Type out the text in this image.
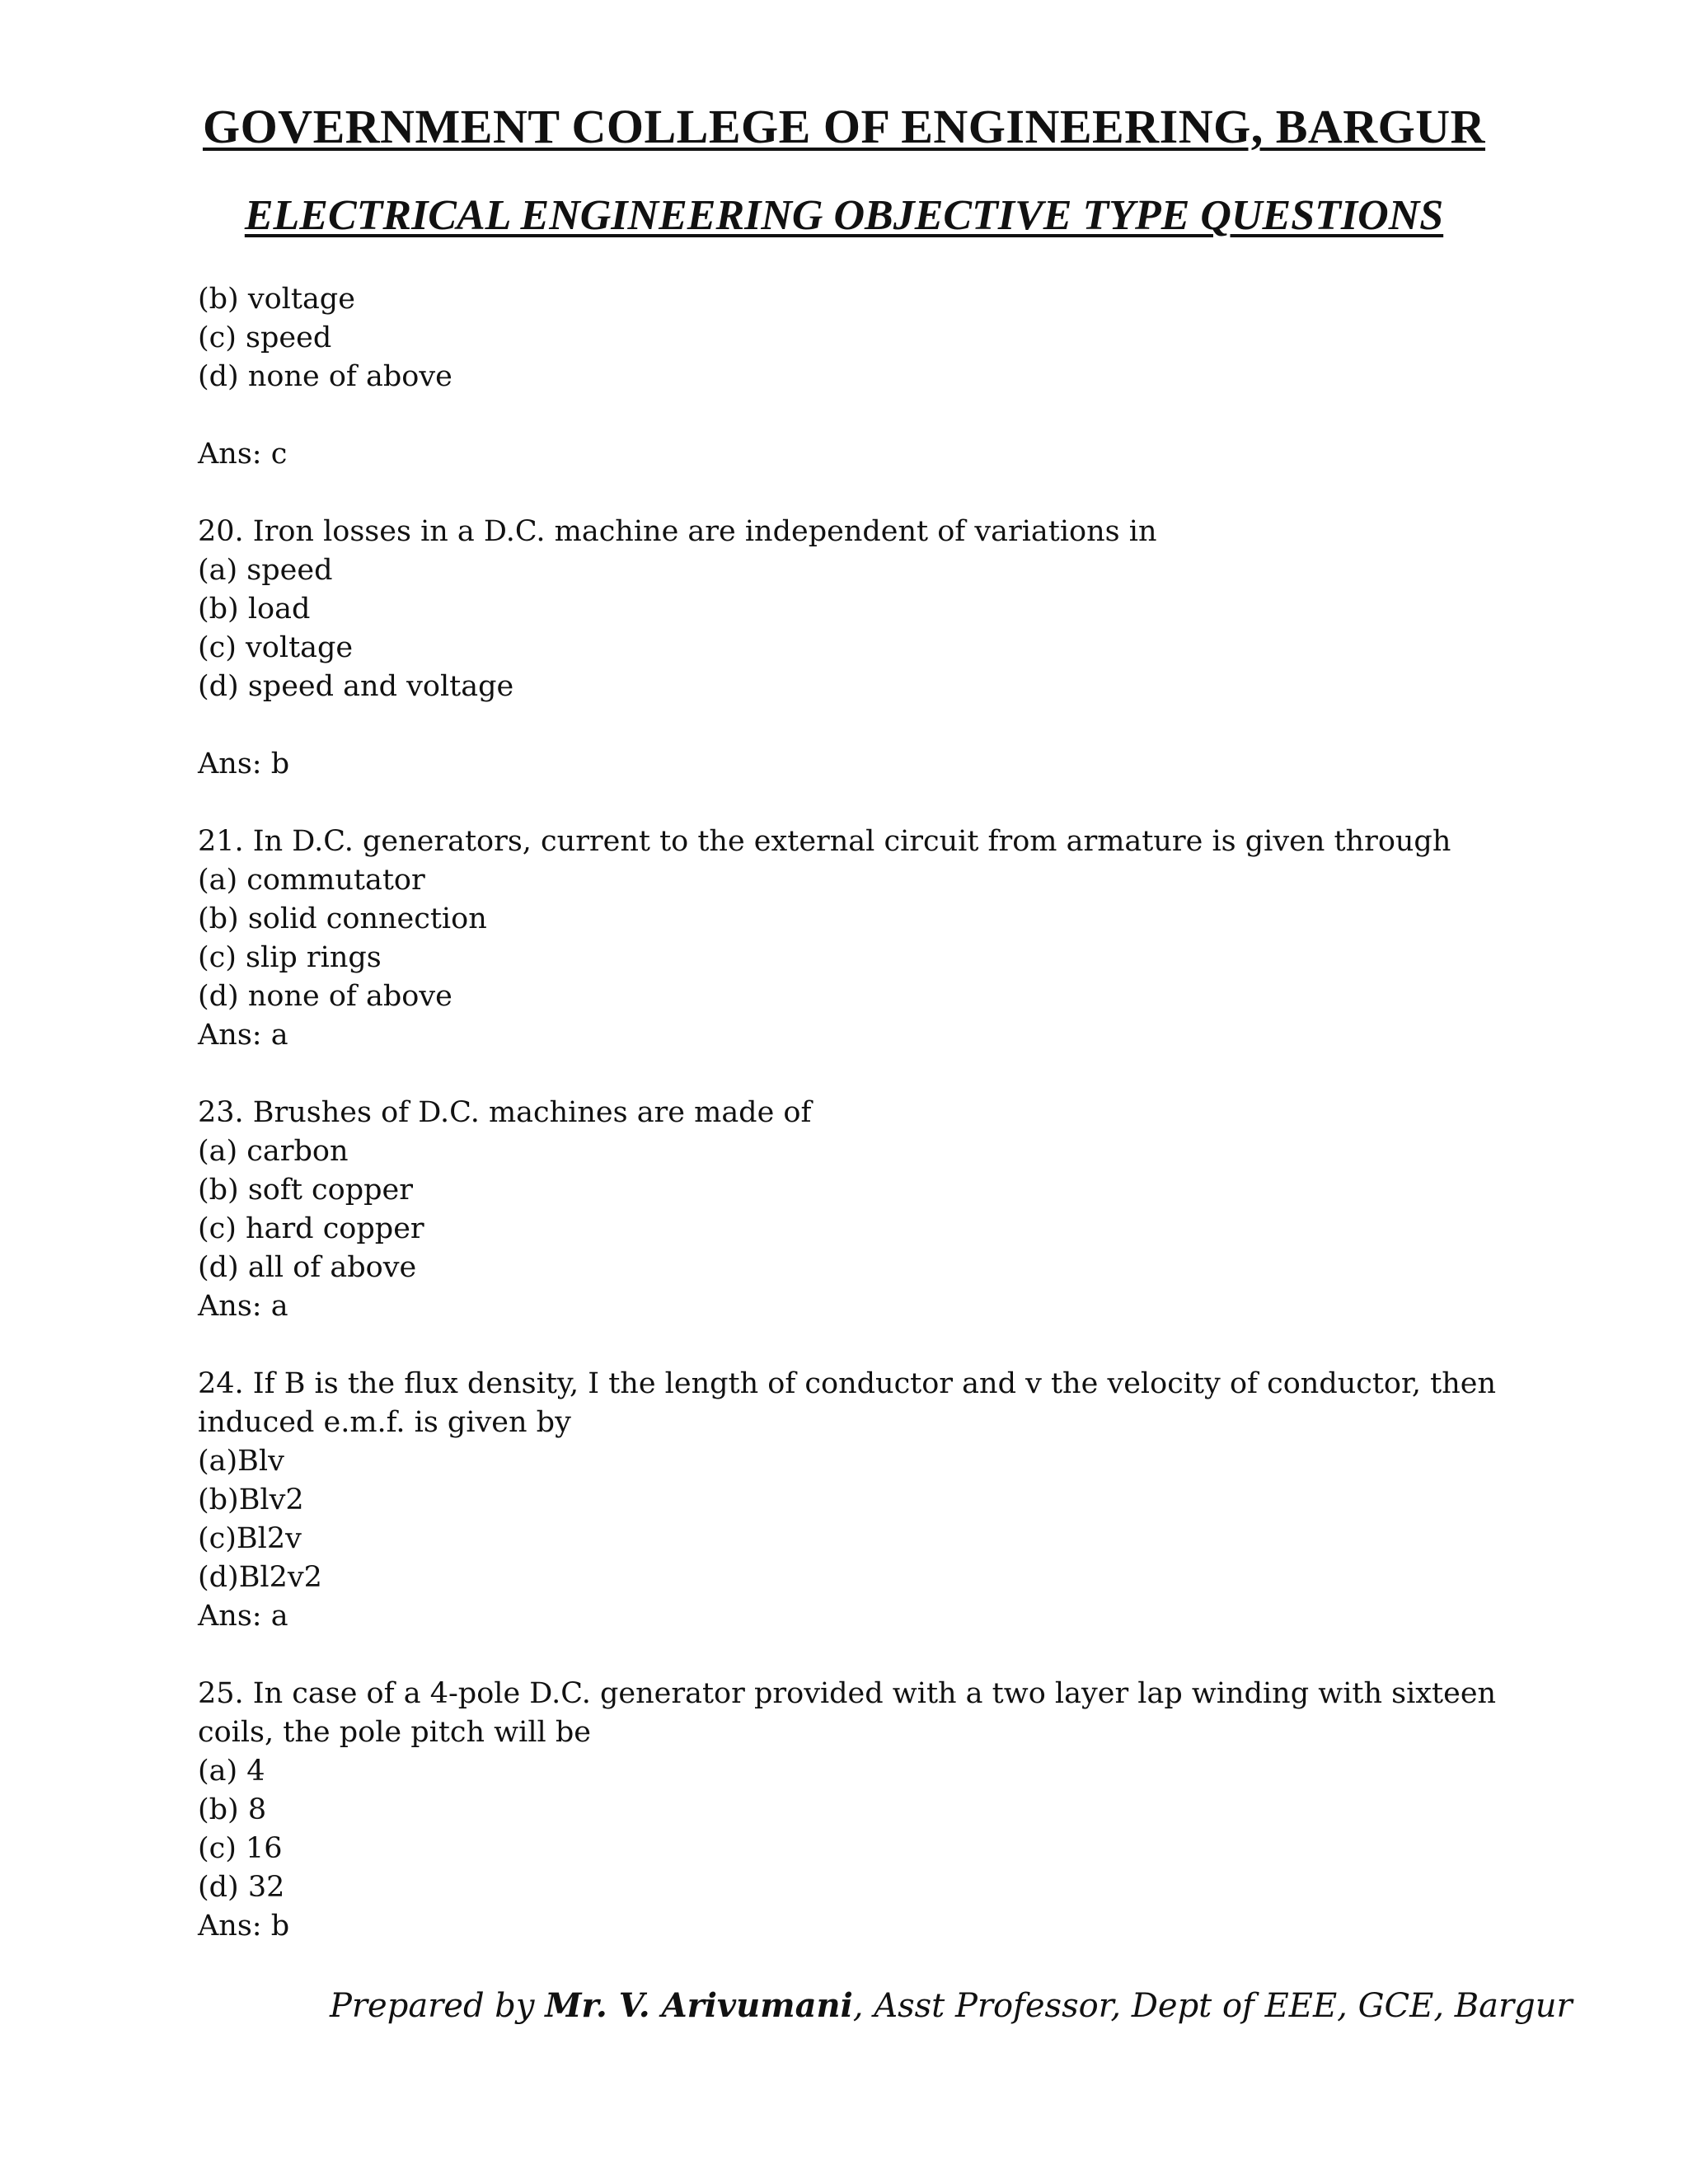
GOVERNMENT COLLEGE OF ENGINEERING, BARGUR
ELECTRICAL ENGINEERING OBJECTIVE TYPE QUESTIONS
(b) voltage
(c) speed
(d) none of above
Ans: c
20. Iron losses in a D.C. machine are independent of variations in
(a) speed
(b) load
(c) voltage
(d) speed and voltage
Ans: b
21. In D.C. generators, current to the external circuit from armature is given through
(a) commutator
(b) solid connection
(c) slip rings
(d) none of above
Ans: a
23. Brushes of D.C. machines are made of
(a) carbon
(b) soft copper
(c) hard copper
(d) all of above
Ans: a
24. If B is the flux density, I the length of conductor and v the velocity of conductor, then induced e.m.f. is given by
(a)Blv
(b)Blv2
(c)Bl2v
(d)Bl2v2
Ans: a
25. In case of a 4-pole D.C. generator provided with a two layer lap winding with sixteen coils, the pole pitch will be
(a) 4
(b) 8
(c) 16
(d) 32
Ans: b
Prepared by Mr. V. Arivumani, Asst Professor, Dept of EEE, GCE, Bargur
